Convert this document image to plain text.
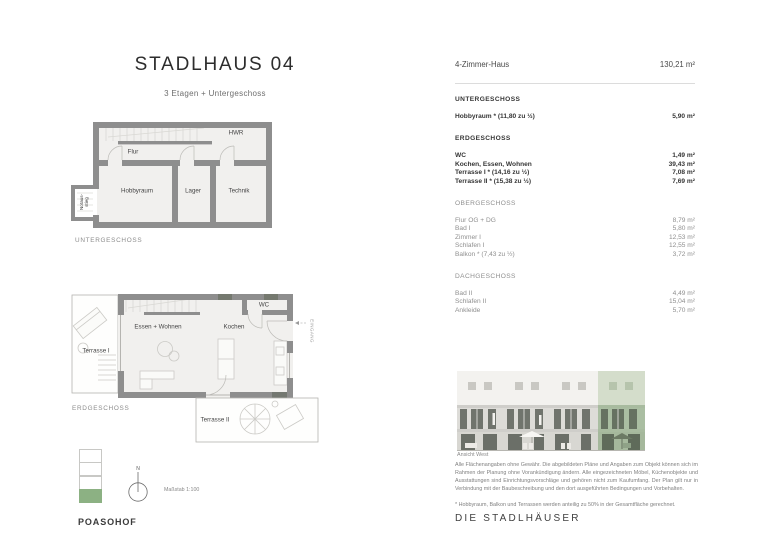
STADLHAUS 04
3 Etagen + Untergeschoss
Flur
HWR
Hobbyraum	Lager	Technik
Notaus-
stieg
UNTERGESCHOSS
Terrasse I
Essen + Wohnen	Kochen
WC
Terrasse II
EINGANG
ERDGESCHOSS
N
Maßstab 1:100
4-Zimmer-Haus	130,21 m²
UNTERGESCHOSS
Hobbyraum * (11,80 zu ½)	5,90 m²
ERDGESCHOSS
WC	1,49 m²
Kochen, Essen, Wohnen	39,43 m²
Terrasse I * (14,16 zu ½)	7,08 m²
Terrasse II * (15,38 zu ½)	7,69 m²
OBERGESCHOSS
Flur OG + DG	8,79 m²
Bad I	5,80 m²
Zimmer I	12,53 m²
Schlafen I	12,55 m²
Balkon * (7,43 zu ½)	3,72 m²
DACHGESCHOSS
Bad II	4,49 m²
Schlafen II	15,04 m²
Ankleide	5,70 m²
Ansicht West
Alle Flächenangaben ohne Gewähr. Die abgebildeten Pläne und Angaben zum Objekt können sich im Rahmen der Planung ohne Vorankündigung ändern. Alle eingezeichneten Möbel, Küchenobjekte und Ausstattungen sind Einrichtungsvorschläge und gehören nicht zum Kaufumfang. Der Plan gilt nur in Verbindung mit der Baubeschreibung und den dort ausgeführten Bedingungen und Vorbehalten.
* Hobbyraum, Balkon und Terrassen werden anteilig zu 50% in der Gesamtfläche gerechnet.
POASOHOF	DIE STADLHÄUSER
